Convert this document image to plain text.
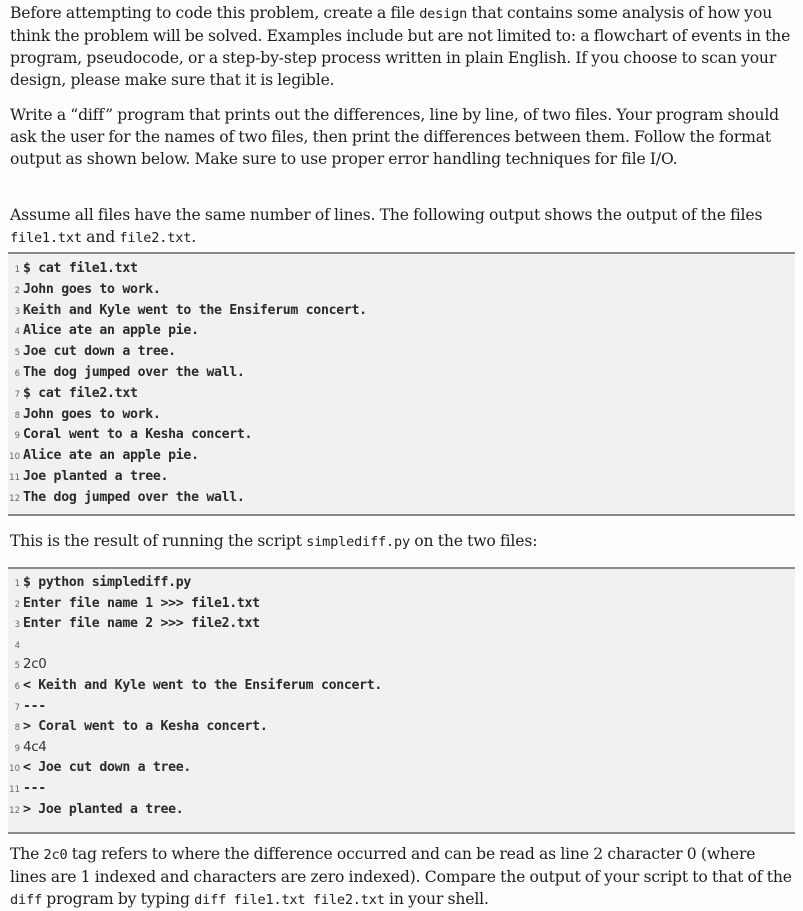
Before attempting to code this problem, create a file design that contains some analysis of how you think the problem will be solved. Examples include but are not limited to: a flowchart of events in the program, pseudocode, or a step-by-step process written in plain English. If you choose to scan your design, please make sure that it is legible.

Write a “diff” program that prints out the differences, line by line, of two files. Your program should ask the user for the names of two files, then print the differences between them. Follow the format output as shown below. Make sure to use proper error handling techniques for file I/O.

Assume all files have the same number of lines. The following output shows the output of the files file1.txt and file2.txt.

1 $ cat file1.txt
2 John goes to work.
3 Keith and Kyle went to the Ensiferum concert.
4 Alice ate an apple pie.
5 Joe cut down a tree.
6 The dog jumped over the wall.
7 $ cat file2.txt
8 John goes to work.
9 Coral went to a Kesha concert.
10 Alice ate an apple pie.
11 Joe planted a tree.
12 The dog jumped over the wall.

This is the result of running the script simplediff.py on the two files:

1 $ python simplediff.py
2 Enter file name 1 >>> file1.txt
3 Enter file name 2 >>> file2.txt
4
5 2c0
6 < Keith and Kyle went to the Ensiferum concert.
7 ---
8 > Coral went to a Kesha concert.
9 4c4
10 < Joe cut down a tree.
11 ---
12 > Joe planted a tree.

The 2c0 tag refers to where the difference occurred and can be read as line 2 character 0 (where lines are 1 indexed and characters are zero indexed). Compare the output of your script to that of the diff program by typing diff file1.txt file2.txt in your shell.
